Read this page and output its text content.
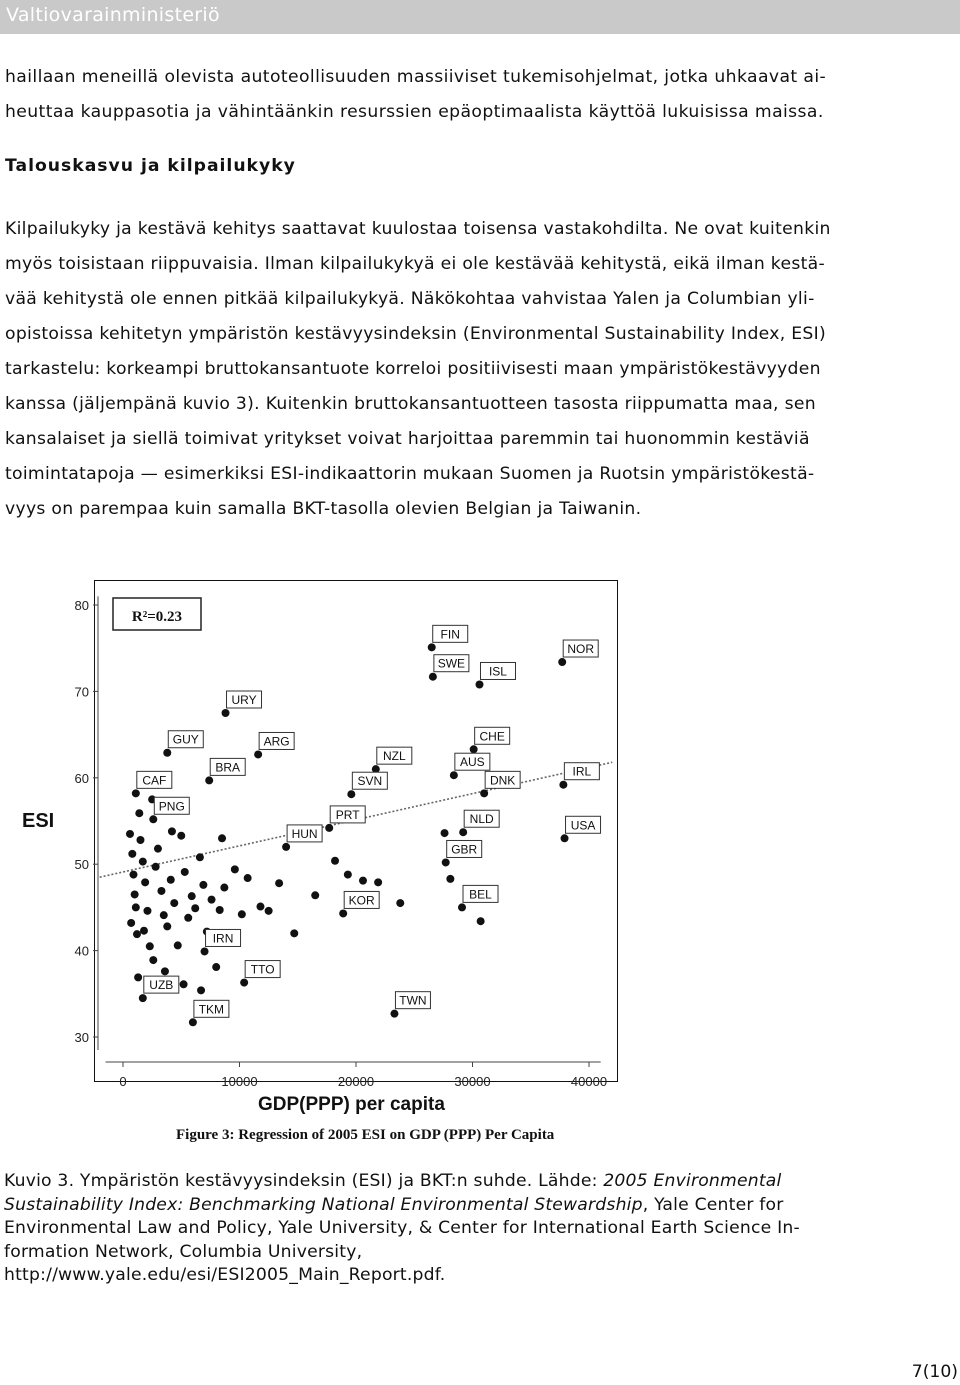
Valtiovarainministeriö
haillaan meneillä olevista autoteollisuuden massiiviset tukemisohjelmat, jotka uhkaavat ai-
heuttaa kauppasotia ja vähintäänkin resurssien epäoptimaalista käyttöä lukuisissa maissa.
Talouskasvu ja kilpailukyky
Kilpailukyky ja kestävä kehitys saattavat kuulostaa toisensa vastakohdilta. Ne ovat kuitenkin
myös toisistaan riippuvaisia. Ilman kilpailukykyä ei ole kestävää kehitystä, eikä ilman kestä-
vää kehitystä ole ennen pitkää kilpailukykyä. Näkökohtaa vahvistaa Yalen ja Columbian yli-
opistoissa kehitetyn ympäristön kestävyysindeksin (Environmental Sustainability Index, ESI)
tarkastelu: korkeampi bruttokansantuote korreloi positiivisesti maan ympäristökestävyyden
kanssa (jäljempänä kuvio 3). Kuitenkin bruttokansantuotteen tasosta riippumatta maa, sen
kansalaiset ja siellä toimivat yritykset voivat harjoittaa paremmin tai huonommin kestäviä
toimintatapoja — esimerkiksi ESI-indikaattorin mukaan Suomen ja Ruotsin ympäristökestä-
vyys on parempaa kuin samalla BKT-tasolla olevien Belgian ja Taiwanin.
30
40
50
60
70
80
0	10000	20000	30000	40000
R²=0.23
URY
FIN
SWE
ISL
NOR
GUY
BRA
ARG
NZL
CHE
AUS
CAF	SVN	DNK
IRL
PNG
PRT
HUN
NLD	USA
GBR
BEL
KOR
IRN
TTO
UZB
TKM
TWN
ESI
GDP(PPP) per capita
Figure 3: Regression of 2005 ESI on GDP (PPP) Per Capita
Kuvio 3. Ympäristön kestävyysindeksin (ESI) ja BKT:n suhde. Lähde: 2005 Environmental
Sustainability Index: Benchmarking National Environmental Stewardship, Yale Center for
Environmental Law and Policy, Yale University, & Center for International Earth Science In-
formation Network, Columbia University,
http://www.yale.edu/esi/ESI2005_Main_Report.pdf.
7(10)
